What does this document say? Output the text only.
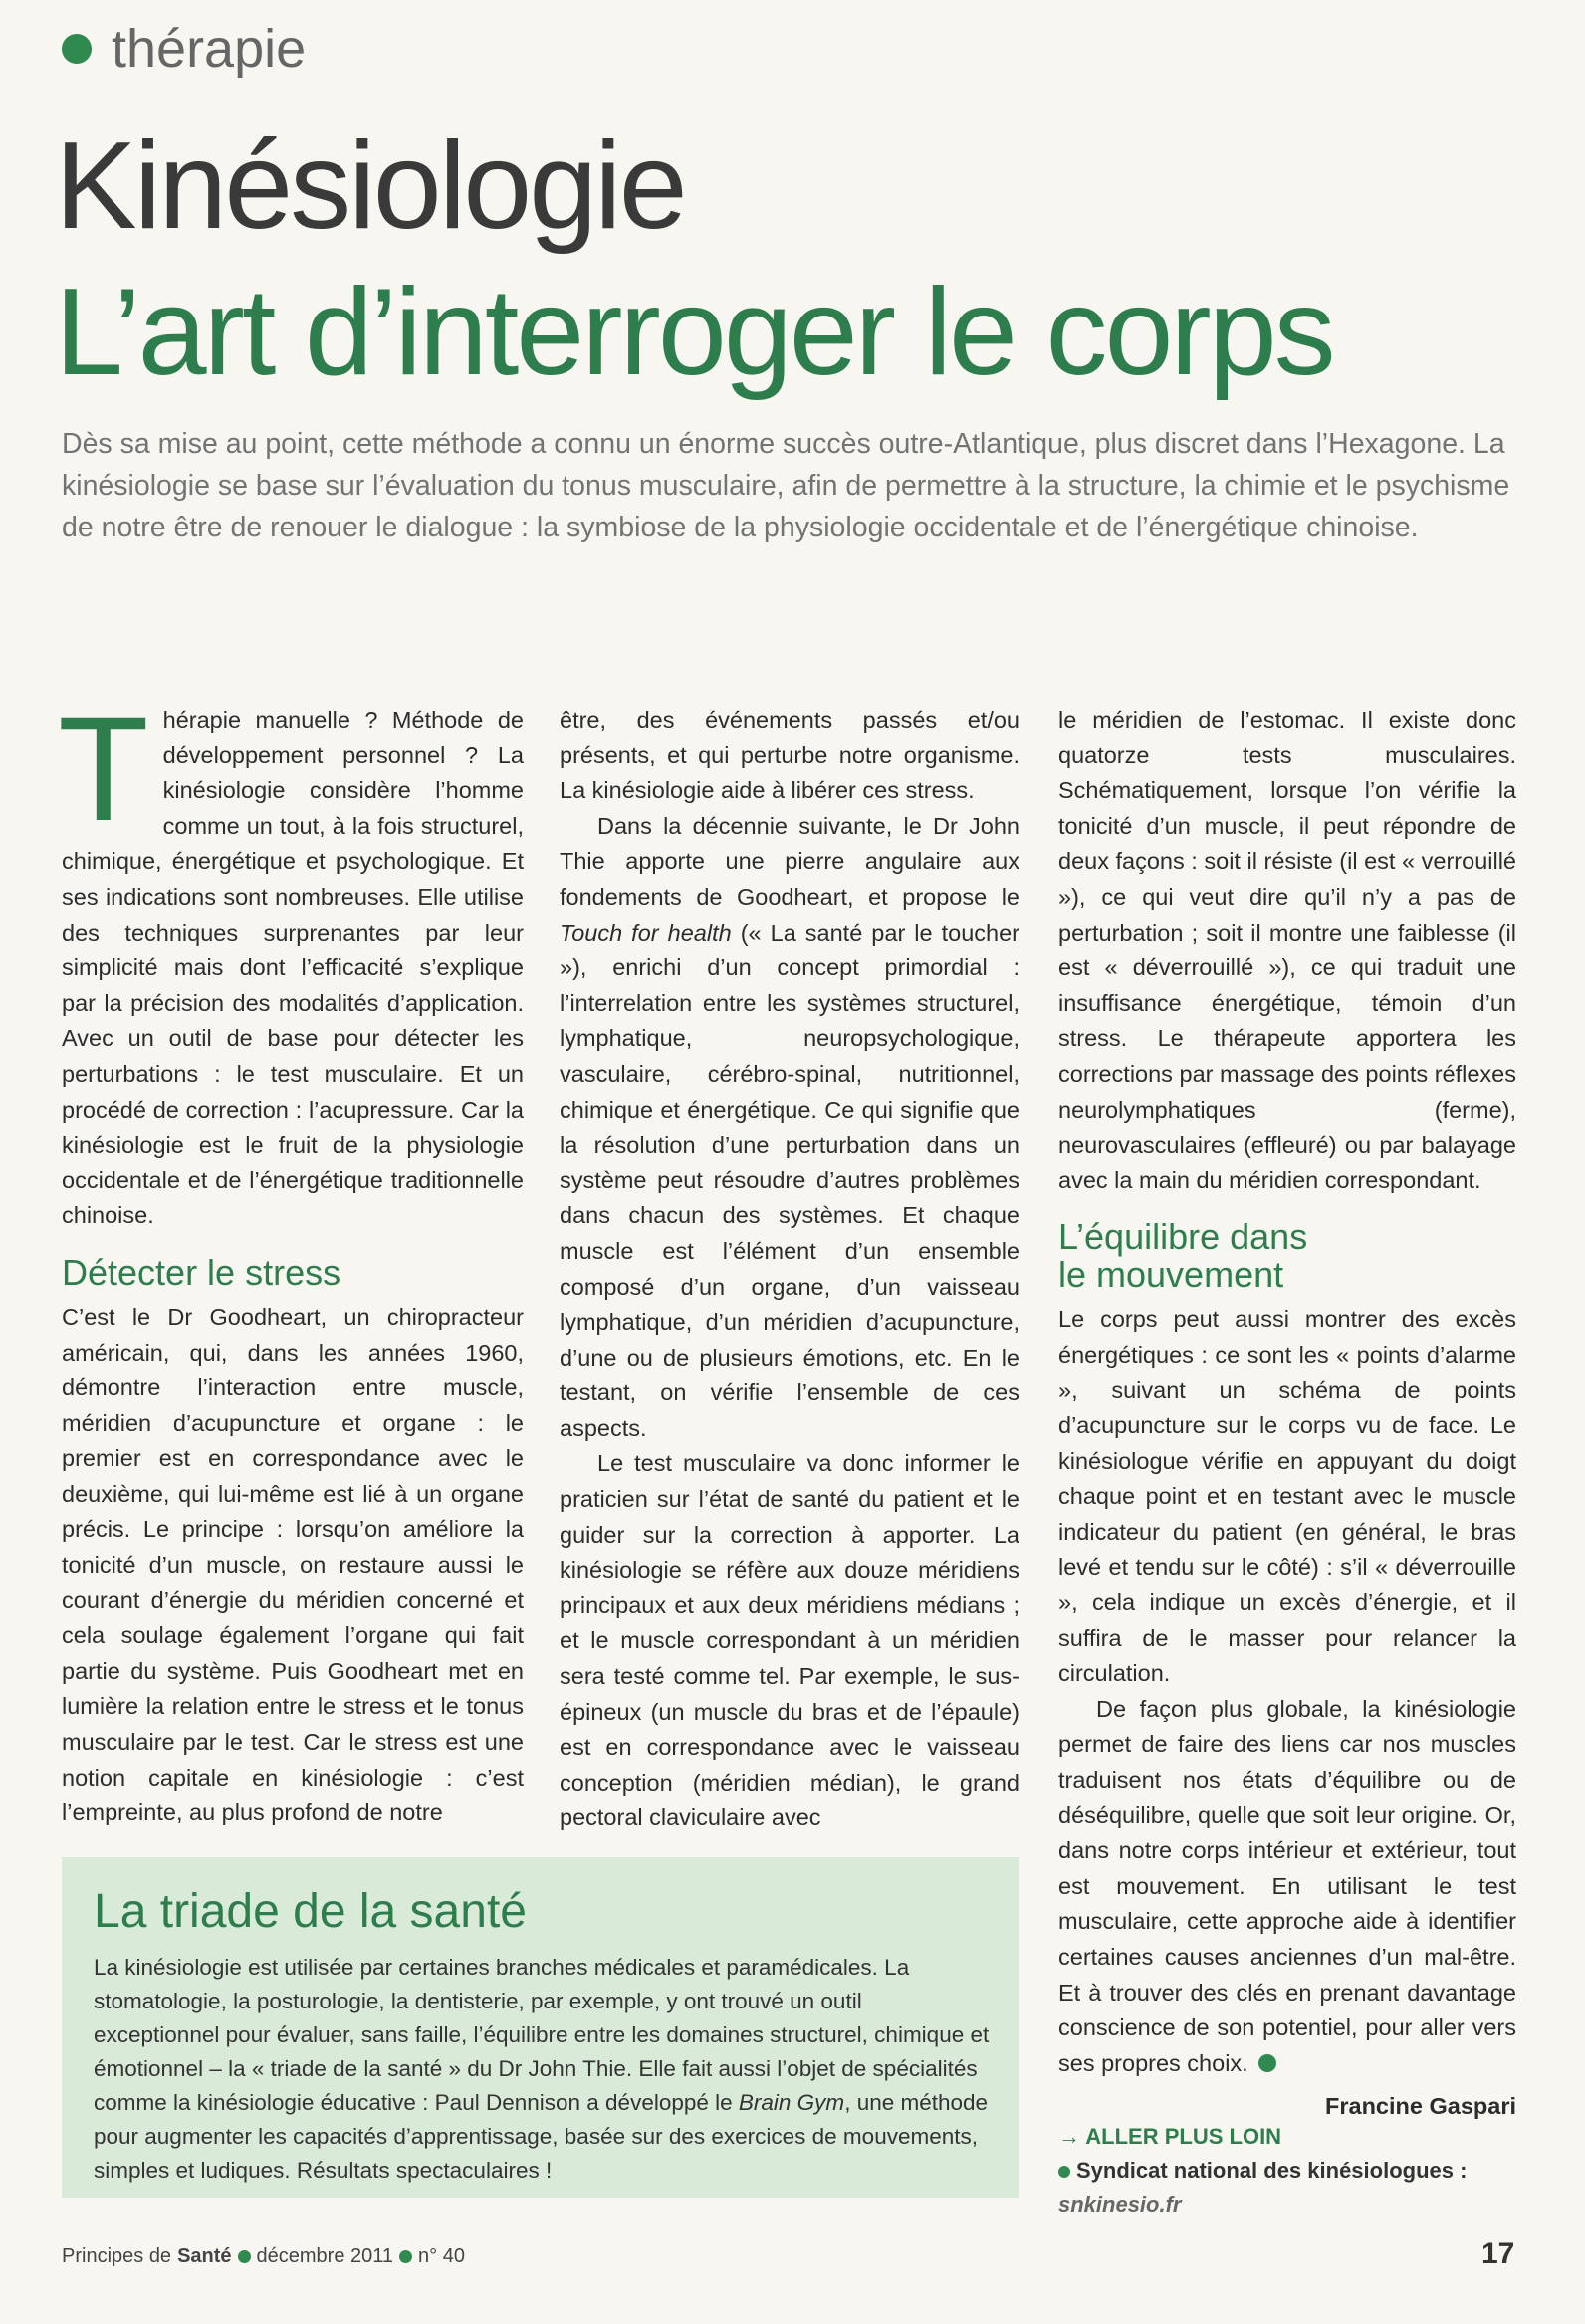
thérapie
Kinésiologie
L’art d’interroger le corps
Dès sa mise au point, cette méthode a connu un énorme succès outre-Atlantique, plus discret dans l’Hexagone. La kinésiologie se base sur l’évaluation du tonus musculaire, afin de permettre à la structure, la chimie et le psychisme de notre être de renouer le dialogue : la symbiose de la physiologie occidentale et de l’énergétique chinoise.

Thérapie manuelle ? Méthode de développement personnel ? La kinésiologie considère l’homme comme un tout, à la fois structurel, chimique, énergétique et psychologique. Et ses indications sont nombreuses. Elle utilise des techniques surprenantes par leur simplicité mais dont l’efficacité s’explique par la précision des modalités d’application. Avec un outil de base pour détecter les perturbations : le test musculaire. Et un procédé de correction : l’acupressure. Car la kinésiologie est le fruit de la physiologie occidentale et de l’énergétique traditionnelle chinoise.

Détecter le stress

C’est le Dr Goodheart, un chiropracteur américain, qui, dans les années 1960, démontre l’interaction entre muscle, méridien d’acupuncture et organe : le premier est en correspondance avec le deuxième, qui lui-même est lié à un organe précis. Le principe : lorsqu’on améliore la tonicité d’un muscle, on restaure aussi le courant d’énergie du méridien concerné et cela soulage également l’organe qui fait partie du système. Puis Goodheart met en lumière la relation entre le stress et le tonus musculaire par le test. Car le stress est une notion capitale en kinésiologie : c’est l’empreinte, au plus profond de notre

être, des événements passés et/ou présents, et qui perturbe notre organisme. La kinésiologie aide à libérer ces stress.

Dans la décennie suivante, le Dr John Thie apporte une pierre angulaire aux fondements de Goodheart, et propose le Touch for health (« La santé par le toucher »), enrichi d’un concept primordial : l’interrelation entre les systèmes structurel, lymphatique, neuropsychologique, vasculaire, cérébro-spinal, nutritionnel, chimique et énergétique. Ce qui signifie que la résolution d’une perturbation dans un système peut résoudre d’autres problèmes dans chacun des systèmes. Et chaque muscle est l’élément d’un ensemble composé d’un organe, d’un vaisseau lymphatique, d’un méridien d’acupuncture, d’une ou de plusieurs émotions, etc. En le testant, on vérifie l’ensemble de ces aspects.

Le test musculaire va donc informer le praticien sur l’état de santé du patient et le guider sur la correction à apporter. La kinésiologie se réfère aux douze méridiens principaux et aux deux méridiens médians ; et le muscle correspondant à un méridien sera testé comme tel. Par exemple, le sus-épineux (un muscle du bras et de l’épaule) est en correspondance avec le vaisseau conception (méridien médian), le grand pectoral claviculaire avec

le méridien de l’estomac. Il existe donc quatorze tests musculaires. Schématiquement, lorsque l’on vérifie la tonicité d’un muscle, il peut répondre de deux façons : soit il résiste (il est « verrouillé »), ce qui veut dire qu’il n’y a pas de perturbation ; soit il montre une faiblesse (il est « déverrouillé »), ce qui traduit une insuffisance énergétique, témoin d’un stress. Le thérapeute apportera les corrections par massage des points réflexes neurolymphatiques (ferme), neurovasculaires (effleuré) ou par balayage avec la main du méridien correspondant.

L’équilibre dans
le mouvement

Le corps peut aussi montrer des excès énergétiques : ce sont les « points d’alarme », suivant un schéma de points d’acupuncture sur le corps vu de face. Le kinésiologue vérifie en appuyant du doigt chaque point et en testant avec le muscle indicateur du patient (en général, le bras levé et tendu sur le côté) : s’il « déverrouille », cela indique un excès d’énergie, et il suffira de le masser pour relancer la circulation.

De façon plus globale, la kinésiologie permet de faire des liens car nos muscles traduisent nos états d’équilibre ou de déséquilibre, quelle que soit leur origine. Or, dans notre corps intérieur et extérieur, tout est mouvement. En utilisant le test musculaire, cette approche aide à identifier certaines causes anciennes d’un mal-être. Et à trouver des clés en prenant davantage conscience de son potentiel, pour aller vers ses propres choix.

Francine Gaspari
La triade de la santé

La kinésiologie est utilisée par certaines branches médicales et paramédicales. La stomatologie, la posturologie, la dentisterie, par exemple, y ont trouvé un outil exceptionnel pour évaluer, sans faille, l’équilibre entre les domaines structurel, chimique et émotionnel – la « triade de la santé » du Dr John Thie. Elle fait aussi l’objet de spécialités comme la kinésiologie éducative : Paul Dennison a développé le Brain Gym, une méthode pour augmenter les capacités d’apprentissage, basée sur des exercices de mouvements, simples et ludiques. Résultats spectaculaires !

→ ALLER PLUS LOIN
Syndicat national des kinésiologues :
snkinesio.fr
Principes de Santé décembre 2011 n° 40	17
